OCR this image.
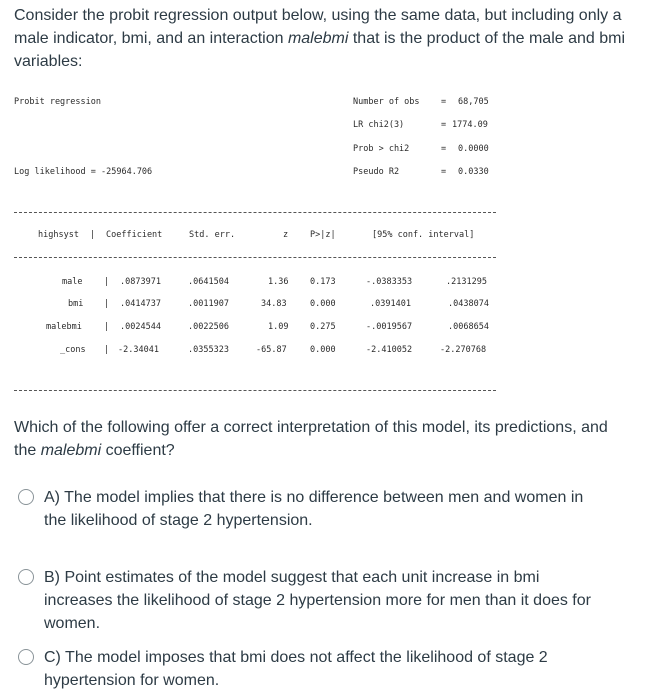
Consider the probit regression output below, using the same data, but including only a male indicator, bmi, and an interaction malebmi that is the product of the male and bmi variables:

Probit regression	Number of obs	= 68,705
LR chi2(3)	= 1774.09
Prob > chi2	= 0.0000
Log likelihood = -25964.706	Pseudo R2	= 0.0330
highsyst | Coefficient	Std. err.	z	P>|z|	[95% conf. interval]
male	| .0873971	.0641504	1.36	0.173	-.0383353	.2131295
bmi | .0414737	.0011907	34.83	0.000	.0391401	.0438074
malebmi	| .0024544	.0022506	1.09	0.275	-.0019567	.0068654
_cons | -2.34041	.0355323	-65.87	0.000	-2.410052	-2.270768

Which of the following offer a correct interpretation of this model, its predictions, and the malebmi coeffient?

A) The model implies that there is no difference between men and women in the likelihood of stage 2 hypertension.
B) Point estimates of the model suggest that each unit increase in bmi increases the likelihood of stage 2 hypertension more for men than it does for women.
C) The model imposes that bmi does not affect the likelihood of stage 2 hypertension for women.
